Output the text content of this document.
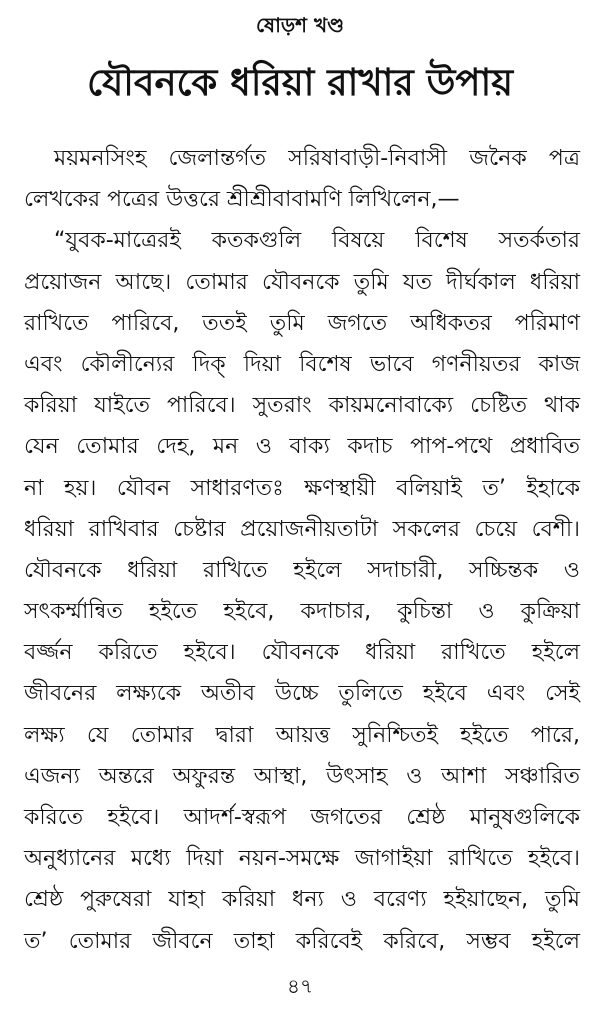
ষোড়শ খণ্ড
যৌবনকে ধরিয়া রাখার উপায়
ময়মনসিংহ জেলান্তর্গত সরিষাবাড়ী-নিবাসী জনৈক পত্র
লেখকের পত্রের উত্তরে শ্রীশ্রীবাবামণি লিখিলেন,—
“যুবক-মাত্রেরই কতকগুলি বিষয়ে বিশেষ সতর্কতার
প্রয়োজন আছে। তোমার যৌবনকে তুমি যত দীর্ঘকাল ধরিয়া
রাখিতে পারিবে, ততই তুমি জগতে অধিকতর পরিমাণ
এবং কৌলীন্যের দিক্ দিয়া বিশেষ ভাবে গণনীয়তর কাজ
করিয়া যাইতে পারিবে। সুতরাং কায়মনোবাক্যে চেষ্টিত থাক
যেন তোমার দেহ, মন ও বাক্য কদাচ পাপ-পথে প্রধাবিত
না হয়। যৌবন সাধারণতঃ ক্ষণস্থায়ী বলিয়াই ত’ ইহাকে
ধরিয়া রাখিবার চেষ্টার প্রয়োজনীয়তাটা সকলের চেয়ে বেশী।
যৌবনকে ধরিয়া রাখিতে হইলে সদাচারী, সচ্চিন্তক ও
সৎকর্ম্মান্বিত হইতে হইবে, কদাচার, কুচিন্তা ও কুক্রিয়া
বর্জ্জন করিতে হইবে। যৌবনকে ধরিয়া রাখিতে হইলে
জীবনের লক্ষ্যকে অতীব উচ্চে তুলিতে হইবে এবং সেই
লক্ষ্য যে তোমার দ্বারা আয়ত্ত সুনিশ্চিতই হইতে পারে,
এজন্য অন্তরে অফুরন্ত আস্থা, উৎসাহ ও আশা সঞ্চারিত
করিতে হইবে। আদর্শ-স্বরূপ জগতের শ্রেষ্ঠ মানুষগুলিকে
অনুধ্যানের মধ্যে দিয়া নয়ন-সমক্ষে জাগাইয়া রাখিতে হইবে।
শ্রেষ্ঠ পুরুষেরা যাহা করিয়া ধন্য ও বরেণ্য হইয়াছেন, তুমি
ত’ তোমার জীবনে তাহা করিবেই করিবে, সম্ভব হইলে
৪৭
